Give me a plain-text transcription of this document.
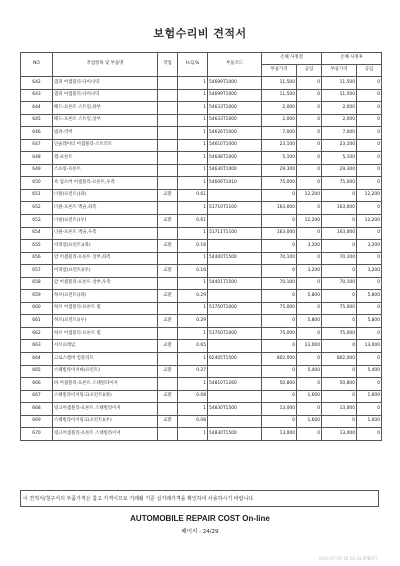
보험수리비 견적서
NO	작업항목 및 부품명	작업	H,Q,%	부품코드	손해 사정전		손해 사정후	
					부품가격	공임	부품가격	공임
642	댐퍼 어셈블리-다이나믹		1	54699T1000	11,500	0	11,500	0
643	댐퍼 어셈블리-다이나믹		1	54699T1000	11,500	0	11,500	0
644	패드-프론트 스트럿,하부		1	54633T1000	2,000	0	2,000	0
645	패드-프론트 스트럿,상부		1	54633T1000	2,000	0	2,000	0
646	범퍼-러버		1	54626T1000	7,000	0	7,000	0
647	인슐레이터 어셈블리-스트러트		1	54610T1000	23,100	0	23,100	0
648	캡-프론트		1	54648T1000	5,100	0	5,100	0
649	스프링-프론트		1	54630T1000	29,300	0	29,300	0
650	쇽 업소버 어셈블리-프론트,우측		1	54606T1010	75,000	0	75,000	0
651	너클(프런트)(좌)	교환	0.61		0	12,200	0	12,200
652	너클-프론트 액슬,좌측		1	51710T1100	163,000	0	163,000	0
653	너클(프런트)(우)	교환	0.61		0	12,200	0	12,200
654	너클-프론트 액슬,우측		1	51711T1100	163,000	0	163,000	0
655	어퍼암(프런트)(좌)	교환	0.16		0	3,200	0	3,200
656	암 어셈블리-프론트 상부,좌측		1	54400T1500	70,100	0	70,100	0
657	어퍼암(프런트)(우)	교환	0.16		0	3,200	0	3,200
658	암 어셈블리-프론트 상부,우측		1	54401T1500	70,100	0	70,100	0
659	허브(프런트)(좌)	교환	0.29		0	5,800	0	5,800
660	허브 어셈블리-프론트 휠		1	51750T1000	75,000	0	75,000	0
661	허브(프런트)(우)	교환	0.29		0	5,800	0	5,800
662	허브 어셈블리-프론트 휠		1	51750T1000	75,000	0	75,000	0
663	서브프레임	교환	0.65		0	13,000	0	13,000
664	크로스멤버 컴플리트		1	62405T1500	802,000	0	802,000	0
665	스태빌라이저바(프런트)	교환	0.27		0	5,400	0	5,400
666	바 어셈블리-프론트 스태빌라이저		1	54810T1260	50,800	0	50,800	0
667	스태빌라이저링크(프런트)(좌)	교환	0.08		0	1,600	0	1,600
668	링크어셈블리-프론트 스태빌라이저		1	54830T1500	13,000	0	13,000	0
669	스태빌라이저링크(프런트)(우)	교환	0.08		0	1,600	0	1,600
670	링크어셈블리-프론트 스태빌라이저		1	54830T1500	13,000	0	13,000	0
이 견적서/청구서의 부품가격은 참고 가격이므로 거래될 기준 실거래가격을 확인하여 사용하시기 바랍니다.
AUTOMOBILE REPAIR COST On-line
페이지 : 24/29
2024-07-05 16:54:34 RPB077
